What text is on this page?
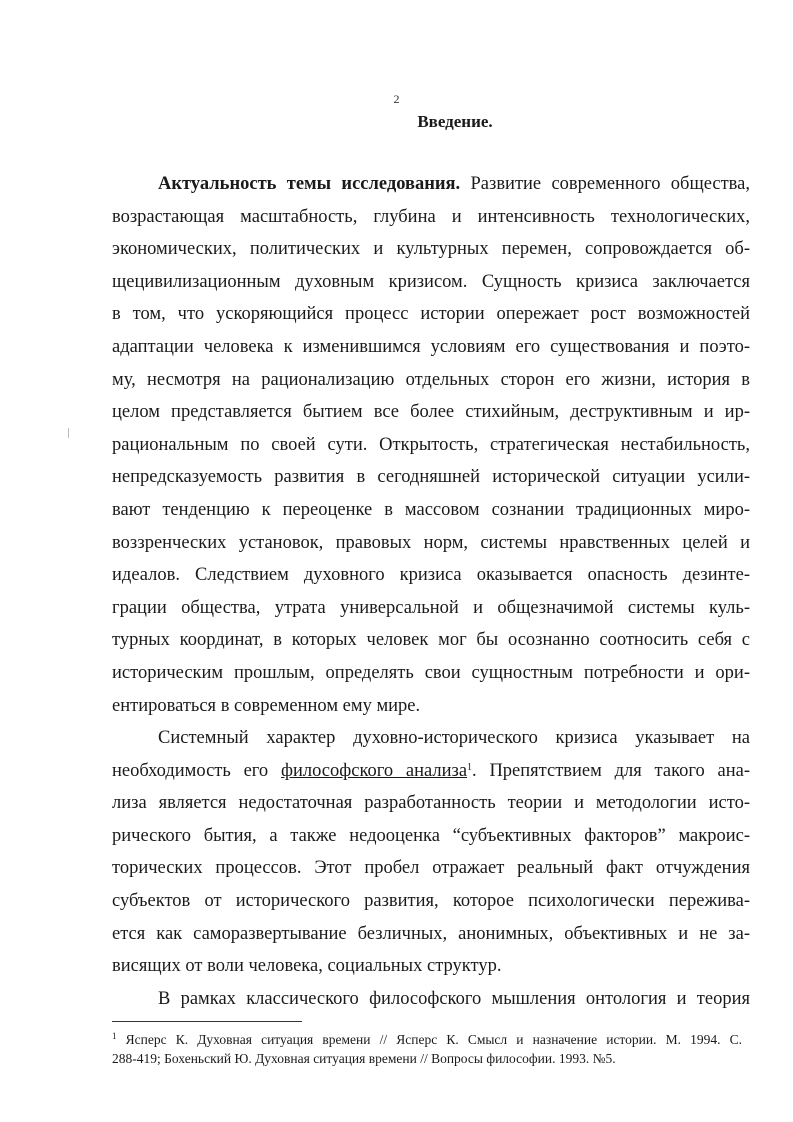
2
Введение.
Актуальность темы исследования. Развитие современного общества,
возрастающая масштабность, глубина и интенсивность технологических,
экономических, политических и культурных перемен, сопровождается об-
щецивилизационным духовным кризисом. Сущность кризиса заключается
в том, что ускоряющийся процесс истории опережает рост возможностей
адаптации человека к изменившимся условиям его существования и поэто-
му, несмотря на рационализацию отдельных сторон его жизни, история в
целом представляется бытием все более стихийным, деструктивным и ир-
рациональным по своей сути. Открытость, стратегическая нестабильность,
непредсказуемость развития в сегодняшней исторической ситуации усили-
вают тенденцию к переоценке в массовом сознании традиционных миро-
воззренческих установок, правовых норм, системы нравственных целей и
идеалов. Следствием духовного кризиса оказывается опасность дезинте-
грации общества, утрата универсальной и общезначимой системы куль-
турных координат, в которых человек мог бы осознанно соотносить себя с
историческим прошлым, определять свои сущностным потребности и ори-
ентироваться в современном ему мире.
Системный характер духовно-исторического кризиса указывает на
необходимость его философского анализа$^1$. Препятствием для такого ана-
лиза является недостаточная разработанность теории и методологии исто-
рического бытия, а также недооценка “субъективных факторов” макроис-
торических процессов. Этот пробел отражает реальный факт отчуждения
субъектов от исторического развития, которое психологически пережива-
ется как саморазвертывание безличных, анонимных, объективных и не за-
висящих от воли человека, социальных структур.
В рамках классического философского мышления онтология и теория
$^1$ Ясперс К. Духовная ситуация времени // Ясперс К. Смысл и назначение истории. М. 1994. С.
288-419; Бохеньский Ю. Духовная ситуация времени // Вопросы философии. 1993. №5.
